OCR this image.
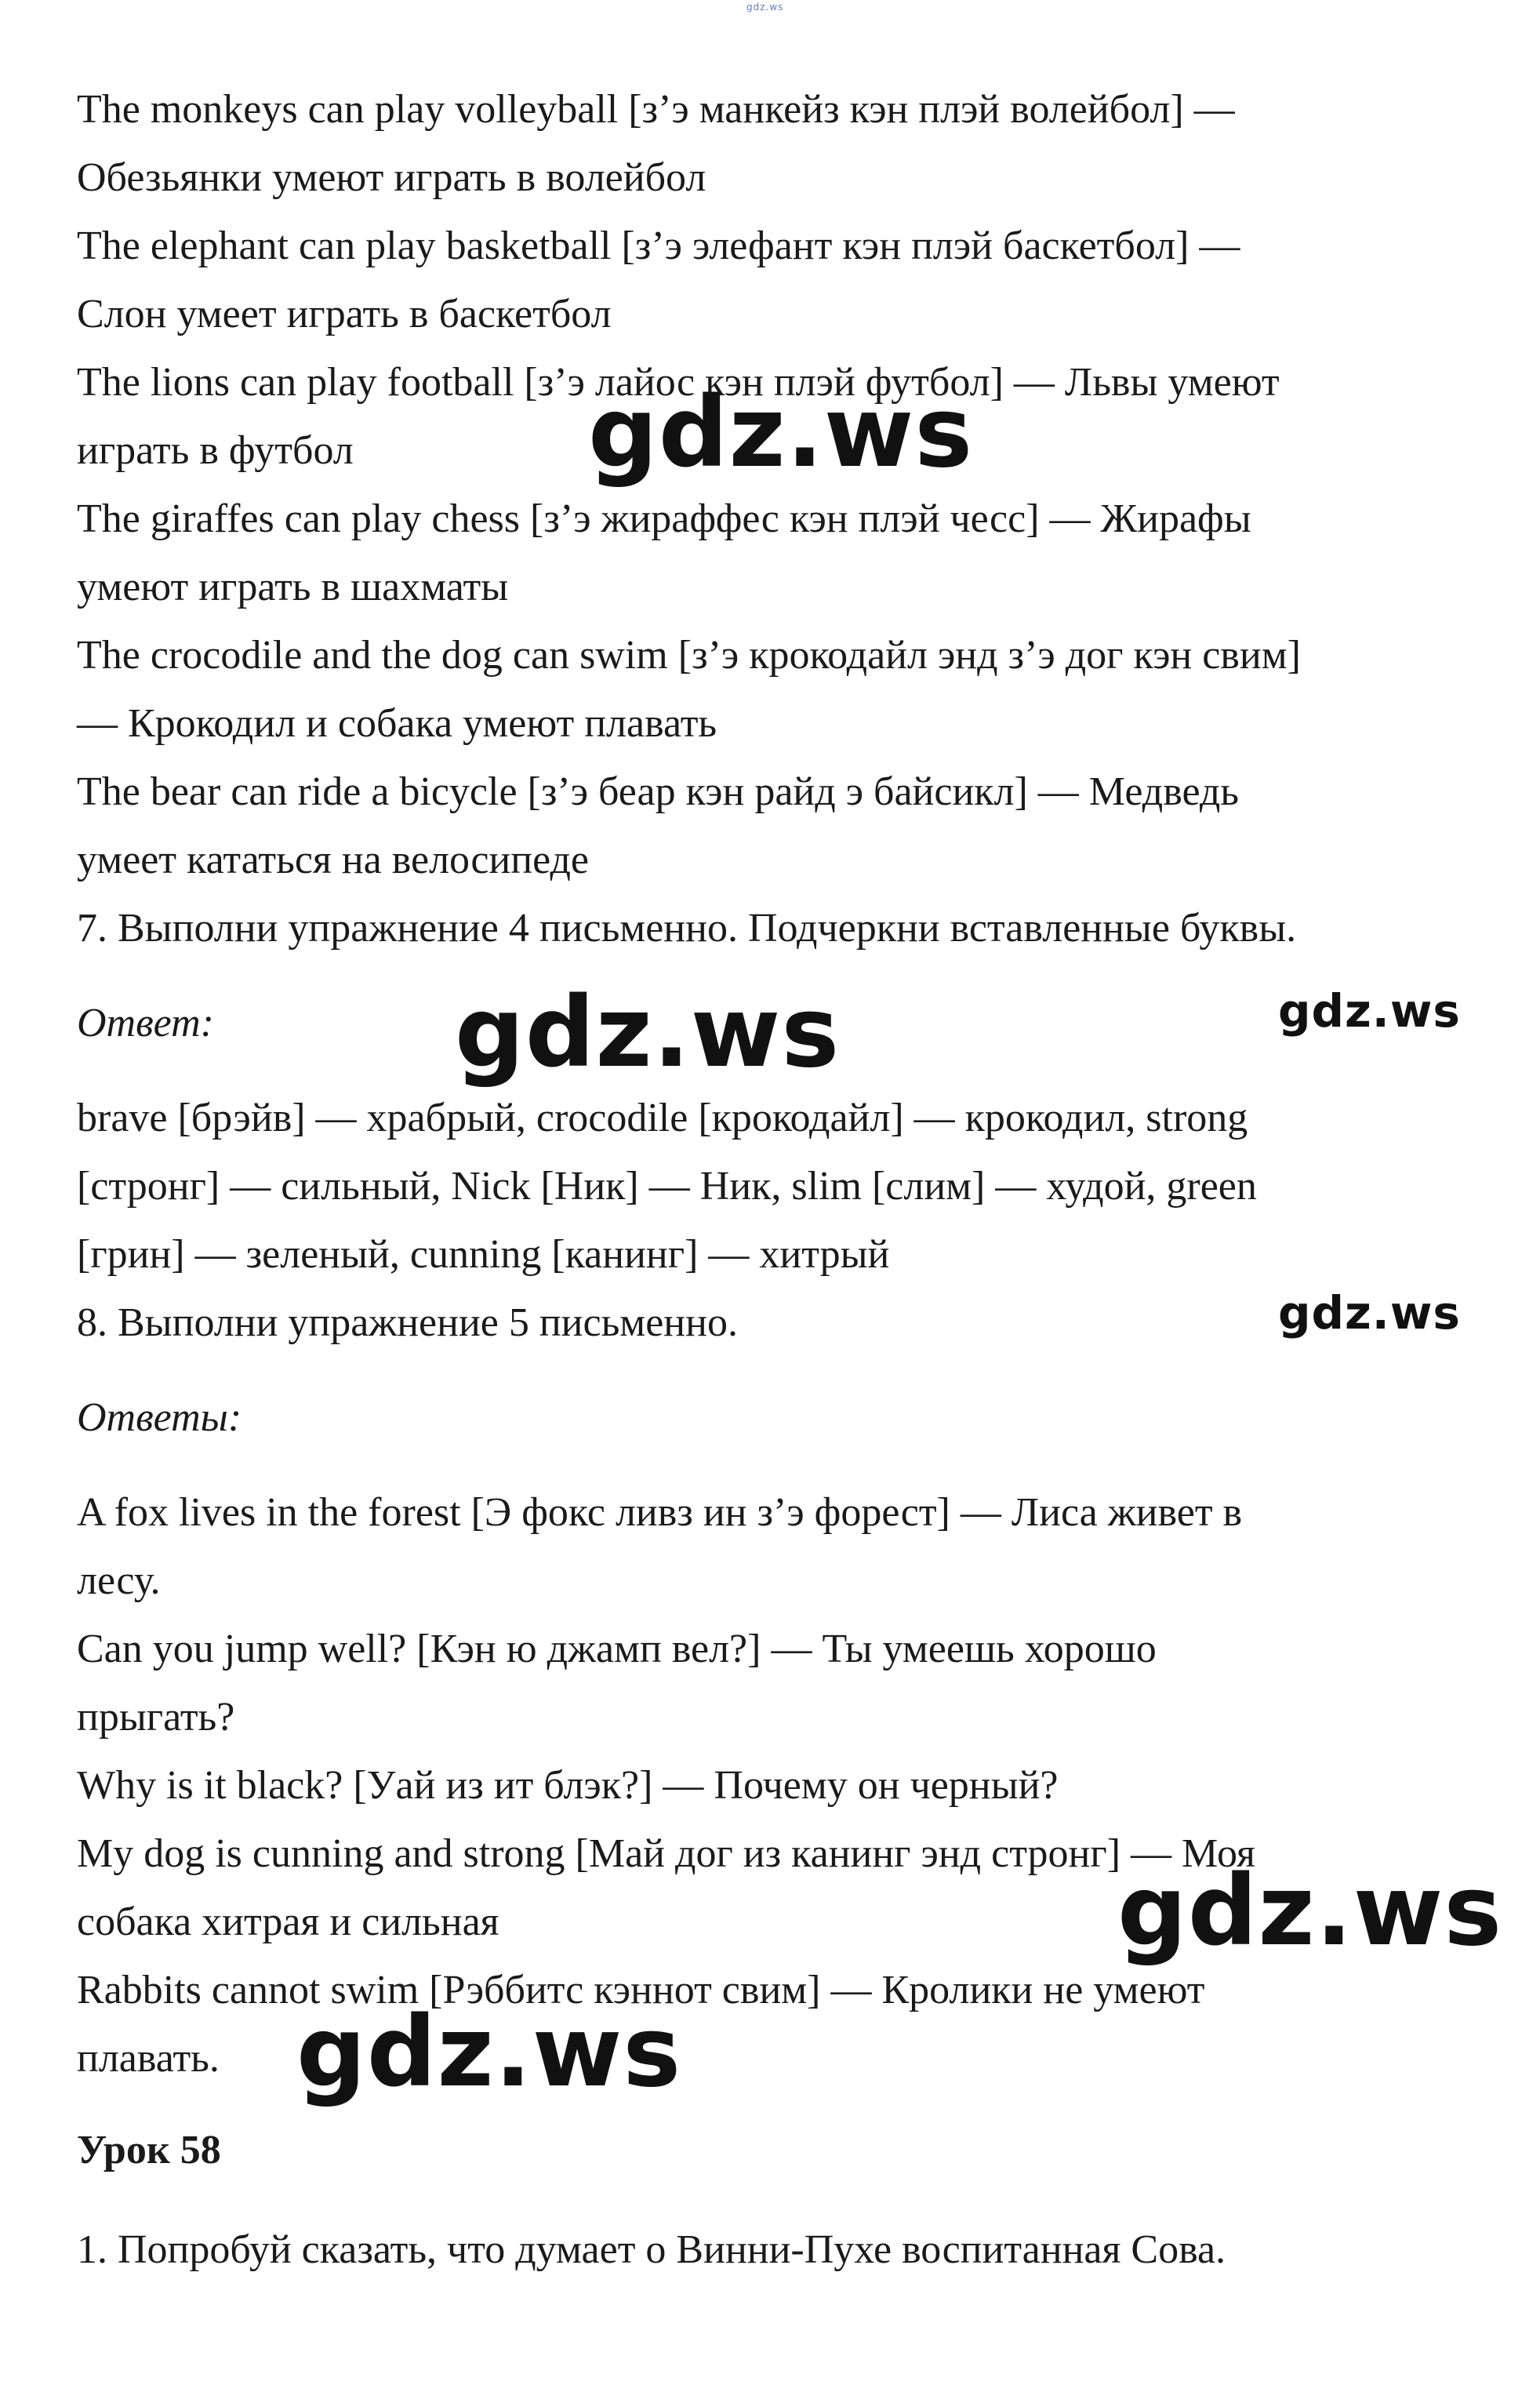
gdz.ws
The monkeys can play volleyball [з’э манкейз кэн плэй волейбол] —
Обезьянки умеют играть в волейбол
The elephant can play basketball [з’э элефант кэн плэй баскетбол] —
Слон умеет играть в баскетбол
The lions can play football [з’э лайос кэн плэй футбол] — Львы умеют
играть в футбол
The giraffes can play chess [з’э жираффес кэн плэй чесс] — Жирафы
умеют играть в шахматы
The crocodile and the dog can swim [з’э крокодайл энд з’э дог кэн свим]
— Крокодил и собака умеют плавать
The bear can ride a bicycle [з’э беар кэн райд э байсикл] — Медведь
умеет кататься на велосипеде
7. Выполни упражнение 4 письменно. Подчеркни вставленные буквы.
Ответ:
brave [брэйв] — храбрый, crocodile [крокодайл] — крокодил, strong
[стронг] — сильный, Nick [Ник] — Ник, slim [слим] — худой, green
[грин] — зеленый, cunning [канинг] — хитрый
8. Выполни упражнение 5 письменно.
Ответы:
A fox lives in the forest [Э фокс ливз ин з’э форест] — Лиса живет в
лесу.
Can you jump well? [Кэн ю джамп вел?] — Ты умеешь хорошо
прыгать?
Why is it black? [Уай из ит блэк?] — Почему он черный?
My dog is cunning and strong [Май дог из канинг энд стронг] — Моя
собака хитрая и сильная
Rabbits cannot swim [Рэббитс кэннот свим] — Кролики не умеют
плавать.
Урок 58
1. Попробуй сказать, что думает о Винни-Пухе воспитанная Сова.
gdz.ws
gdz.ws	gdz.ws
gdz.ws
gdz.ws
gdz.ws
